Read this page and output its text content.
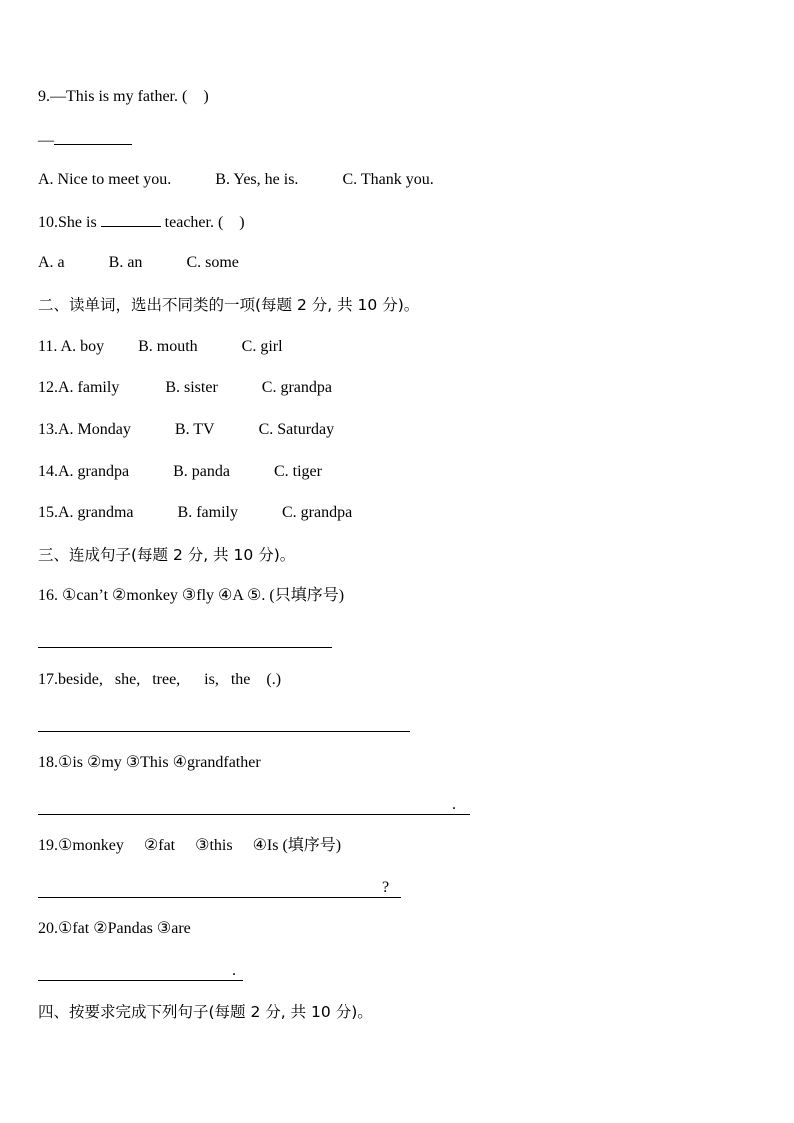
9.—This is my father. (    )
—
A. Nice to meet you.	B. Yes, he is.	C. Thank you.
10.She is	teacher. (    )
A. a	B. an	C. some
二、读单词，选出不同类的一项(每题 2 分, 共 10 分)。
11. A. boy B. mouth	C. girl
12.A. family	B. sister	C. grandpa
13.A. Monday	B. TV	C. Saturday
14.A. grandpa	B. panda	C. tiger
15.A. grandma	B. family	C. grandpa
三、连成句子(每题 2 分, 共 10 分)。
16. ①can’t ②monkey ③fly ④A ⑤. (只填序号)
17.beside,   she,   tree,      is,   the    (.)
18.①is ②my ③This ④grandfather
.
19.①monkey     ②fat     ③this     ④Is (填序号)
?
20.①fat ②Pandas ③are
.
四、按要求完成下列句子(每题 2 分, 共 10 分)。
